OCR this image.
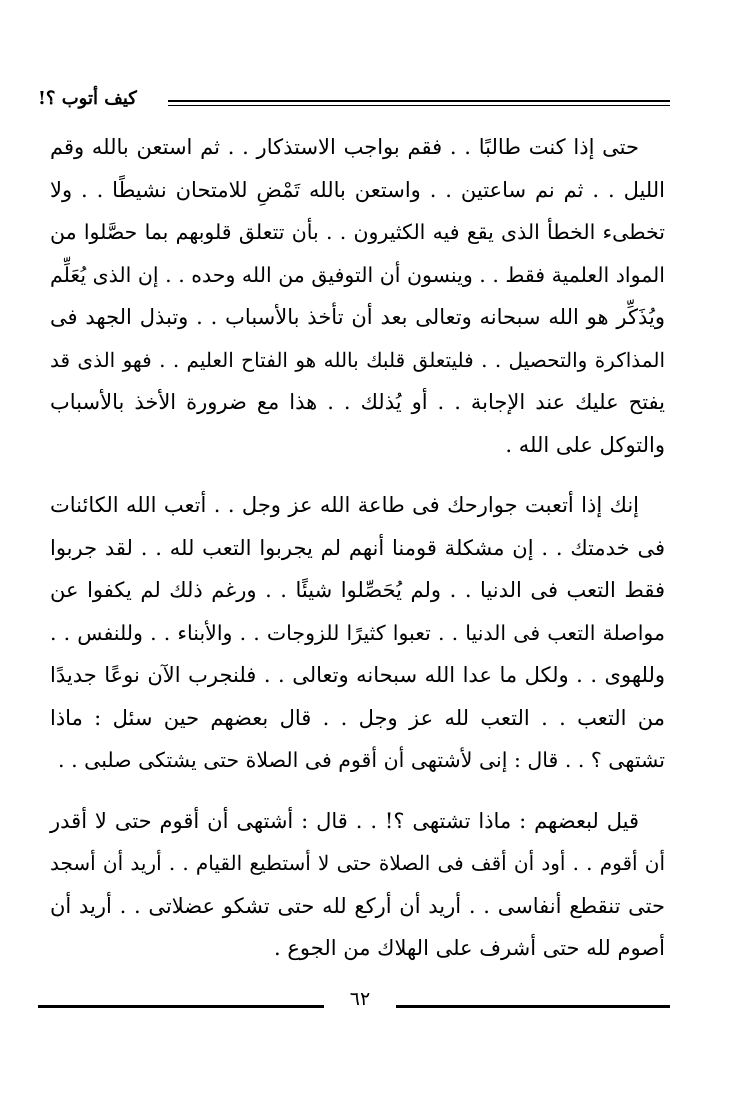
كيف أتوب ؟!
حتى إذا كنت طالبًا . . فقم بواجب الاستذكار . . ثم استعن بالله وقم
الليل . . ثم نم ساعتين . . واستعن بالله تَمْضِ للامتحان نشيطًا . . ولا
تخطىء الخطأ الذى يقع فيه الكثيرون . . بأن تتعلق قلوبهم بما حصَّلوا من
المواد العلمية فقط . . وينسون أن التوفيق من الله وحده . . إن الذى يُعَلِّم
ويُذَكِّر هو الله سبحانه وتعالى بعد أن تأخذ بالأسباب . . وتبذل الجهد فى
المذاكرة والتحصيل . . فليتعلق قلبك بالله هو الفتاح العليم . . فهو الذى قد
يفتح عليك عند الإجابة . . أو يُذلك . . هذا مع ضرورة الأخذ بالأسباب
والتوكل على الله .
إنك إذا أتعبت جوارحك فى طاعة الله عز وجل . . أتعب الله الكائنات
فى خدمتك . . إن مشكلة قومنا أنهم لم يجربوا التعب لله . . لقد جربوا
فقط التعب فى الدنيا . . ولم يُحَصِّلوا شيئًا . . ورغم ذلك لم يكفوا عن
مواصلة التعب فى الدنيا . . تعبوا كثيرًا للزوجات . . والأبناء . . وللنفس . .
وللهوى . . ولكل ما عدا الله سبحانه وتعالى . . فلنجرب الآن نوعًا جديدًا
من التعب . . التعب لله عز وجل . . قال بعضهم حين سئل : ماذا
تشتهى ؟ . . قال : إنى لأشتهى أن أقوم فى الصلاة حتى يشتكى صلبى . .
قيل لبعضهم : ماذا تشتهى ؟! . . قال : أشتهى أن أقوم حتى لا أقدر
أن أقوم . . أود أن أقف فى الصلاة حتى لا أستطيع القيام . . أريد أن أسجد
حتى تنقطع أنفاسى . . أريد أن أركع لله حتى تشكو عضلاتى . . أريد أن
أصوم لله حتى أشرف على الهلاك من الجوع .
٦٢
